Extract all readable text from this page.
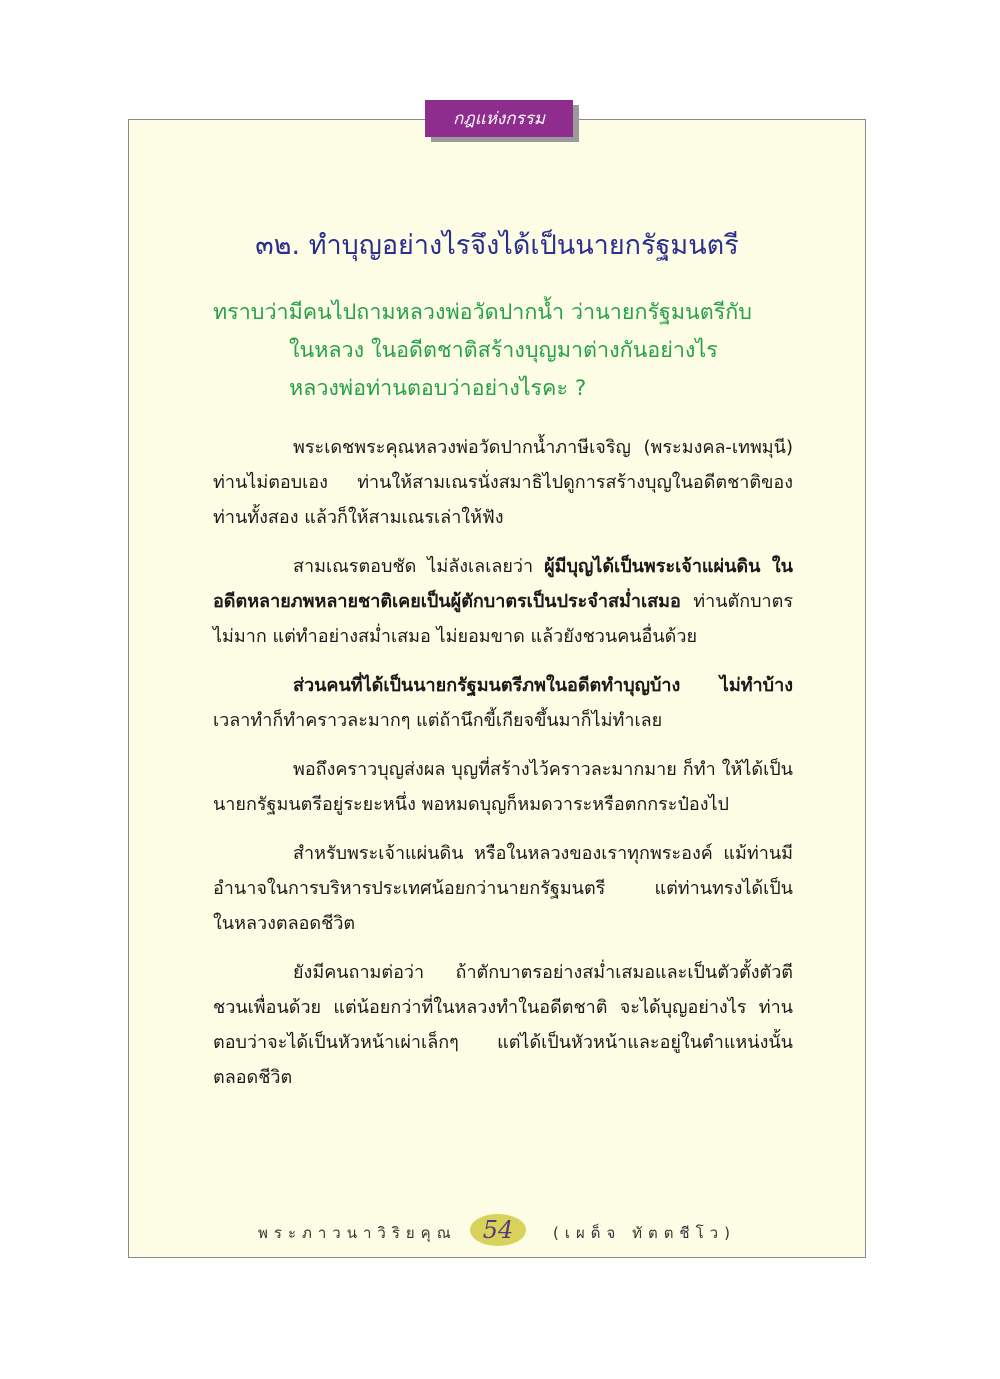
กฎแห่งกรรม
๓๒. ทำบุญอย่างไรจึงได้เป็นนายกรัฐมนตรี
ทราบว่ามีคนไปถามหลวงพ่อวัดปากน้ำ ว่านายกรัฐมนตรีกับ
ในหลวง ในอดีตชาติสร้างบุญมาต่างกันอย่างไร
หลวงพ่อท่านตอบว่าอย่างไรคะ ?

พระเดชพระคุณหลวงพ่อวัดปากน้ำภาษีเจริญ (พระมงคล-เทพมุนี) ท่านไม่ตอบเอง ท่านให้สามเณรนั่งสมาธิไปดูการสร้างบุญในอดีตชาติของท่านทั้งสอง แล้วก็ให้สามเณรเล่าให้ฟัง

สามเณรตอบชัด ไม่ลังเลเลยว่า ผู้มีบุญได้เป็นพระเจ้าแผ่นดิน ในอดีตหลายภพหลายชาติเคยเป็นผู้ตักบาตรเป็นประจำสม่ำเสมอ ท่านตักบาตรไม่มาก แต่ทำอย่างสม่ำเสมอ ไม่ยอมขาด แล้วยังชวนคนอื่นด้วย

ส่วนคนที่ได้เป็นนายกรัฐมนตรีภพในอดีตทำบุญบ้าง ไม่ทำบ้าง เวลาทำก็ทำคราวละมากๆ แต่ถ้านึกขี้เกียจขึ้นมาก็ไม่ทำเลย

พอถึงคราวบุญส่งผล บุญที่สร้างไว้คราวละมากมาย ก็ทำ ให้ได้เป็นนายกรัฐมนตรีอยู่ระยะหนึ่ง พอหมดบุญก็หมดวาระหรือตกกระป๋องไป

สำหรับพระเจ้าแผ่นดิน หรือในหลวงของเราทุกพระองค์ แม้ท่านมีอำนาจในการบริหารประเทศน้อยกว่านายกรัฐมนตรี แต่ท่านทรงได้เป็นในหลวงตลอดชีวิต

ยังมีคนถามต่อว่า ถ้าตักบาตรอย่างสม่ำเสมอและเป็นตัวตั้งตัวตีชวนเพื่อนด้วย แต่น้อยกว่าที่ในหลวงทำในอดีตชาติ จะได้บุญอย่างไร ท่านตอบว่าจะได้เป็นหัวหน้าเผ่าเล็กๆ แต่ได้เป็นหัวหน้าและอยู่ในตำแหน่งนั้นตลอดชีวิต

พระภาวนาวิริยคุณ	54	(เผด็จ ทัตตชีโว)
